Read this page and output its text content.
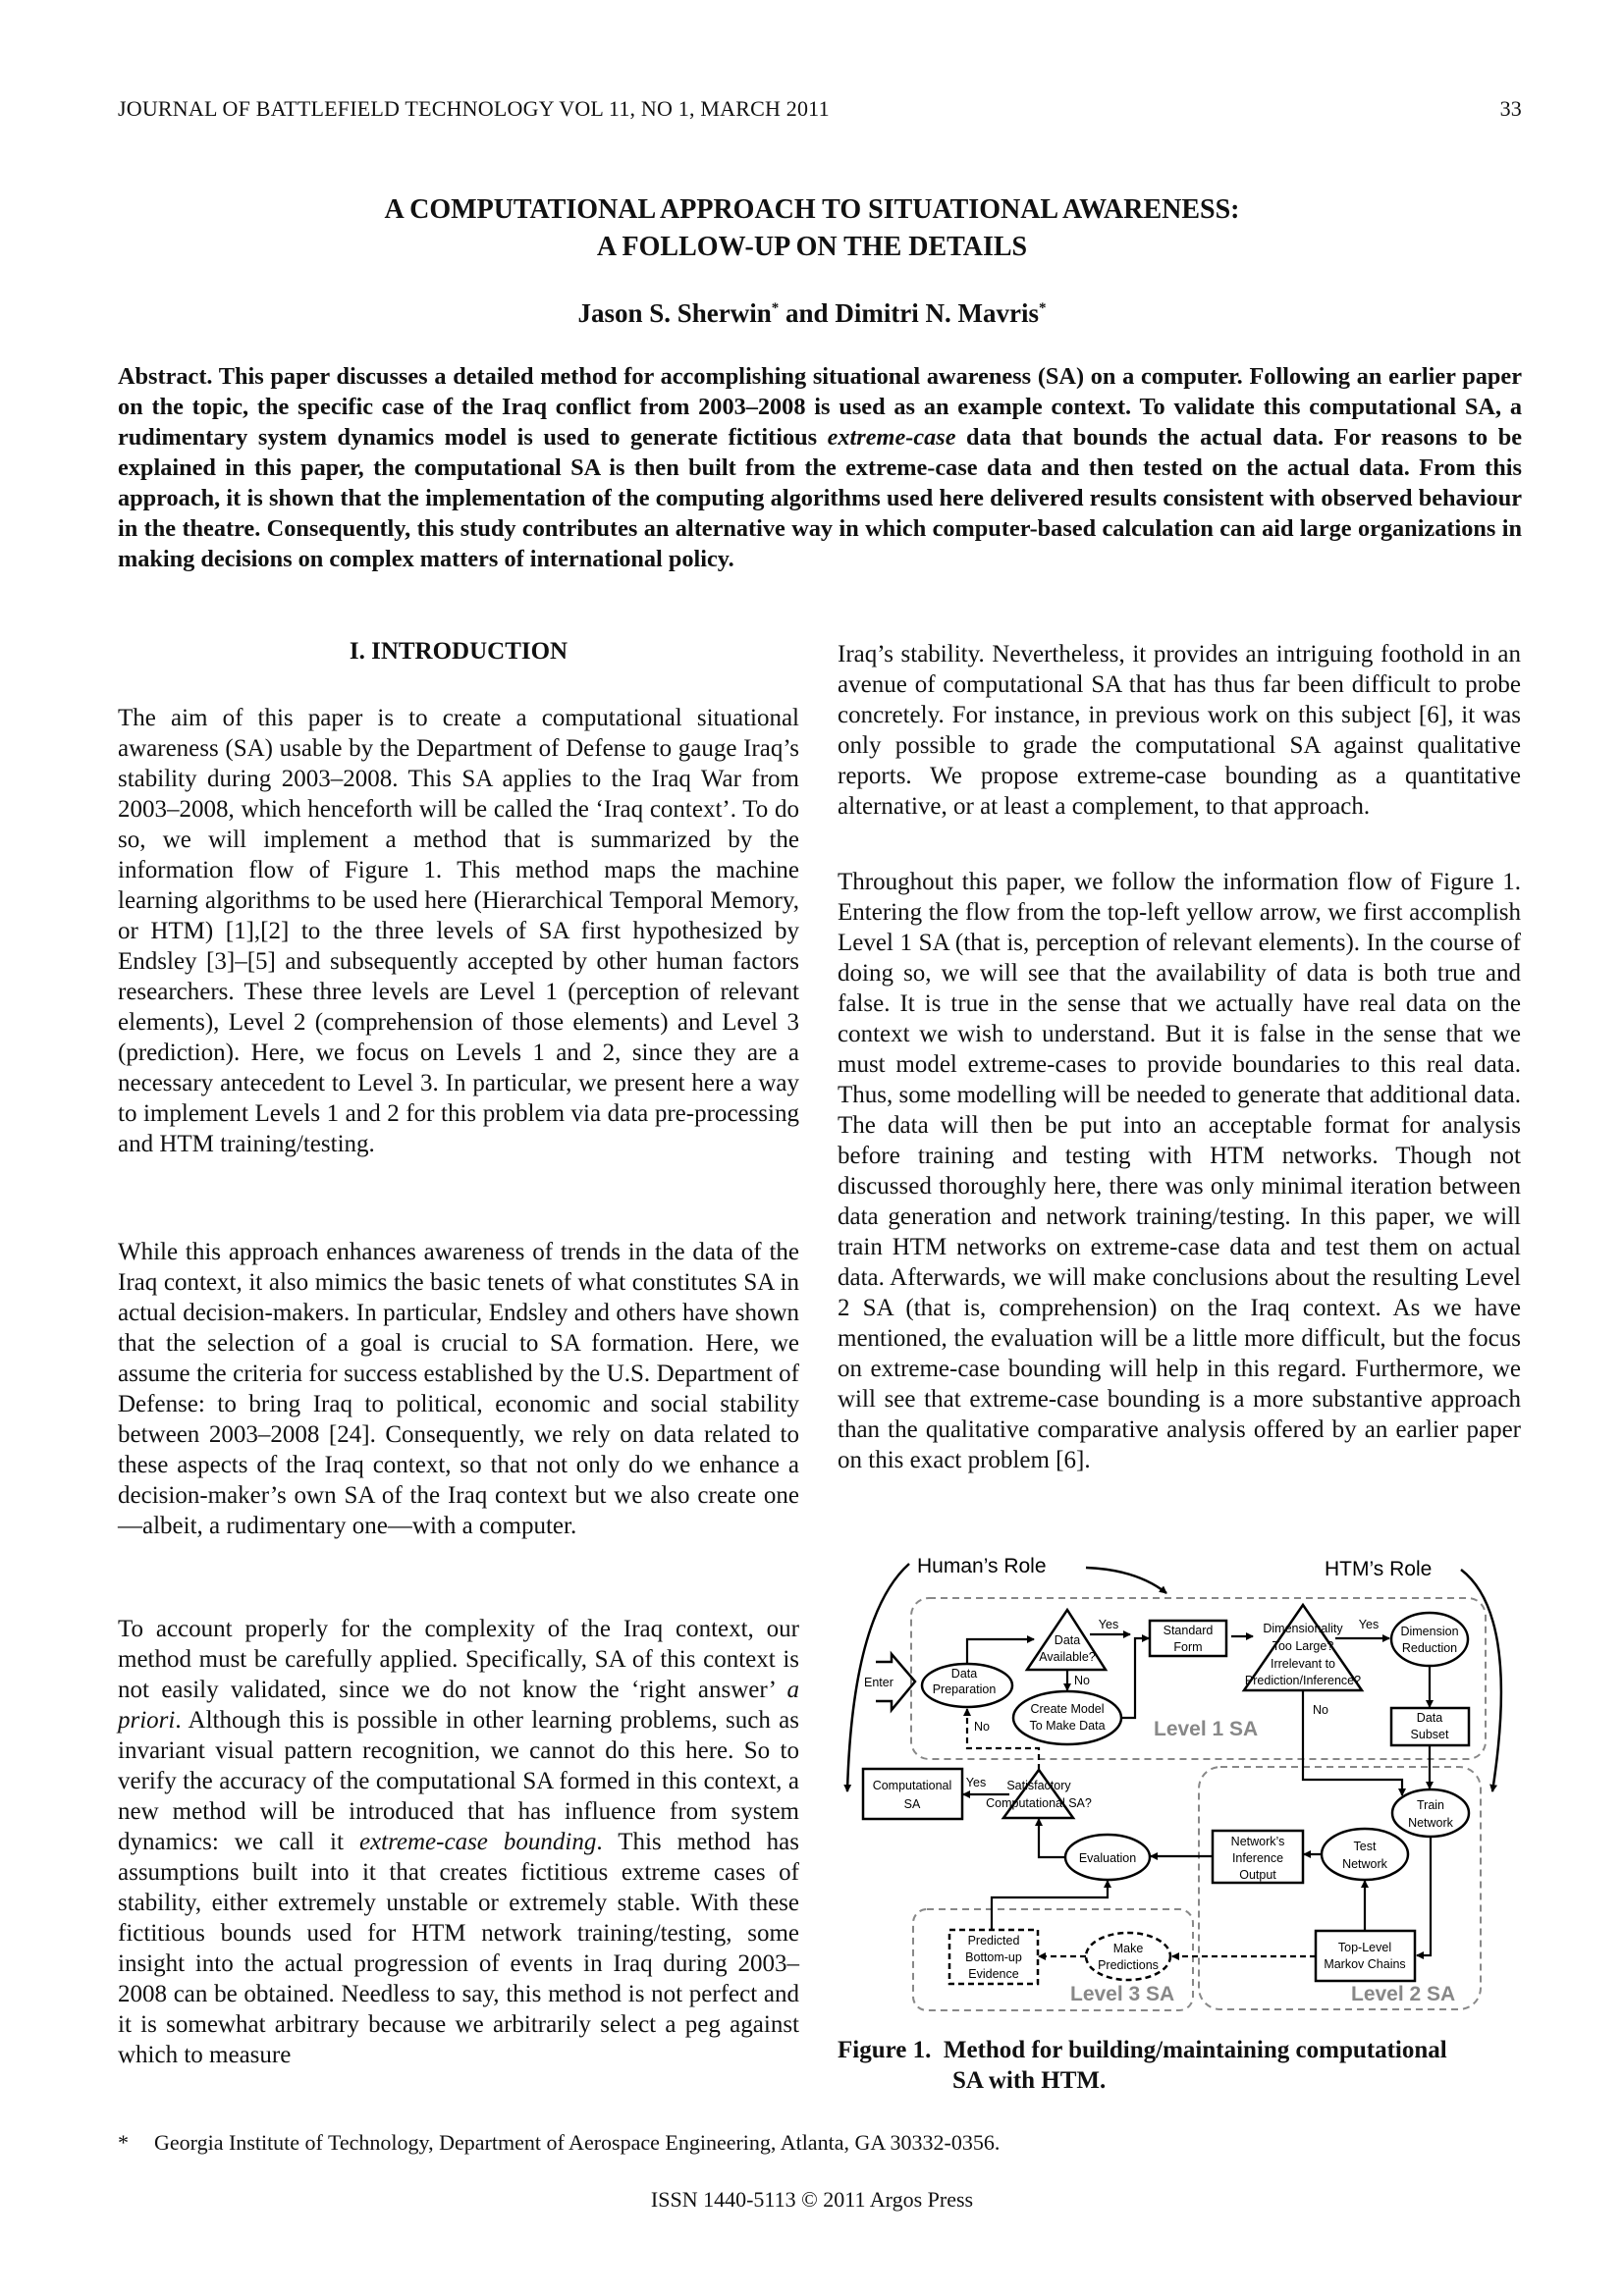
JOURNAL OF BATTLEFIELD TECHNOLOGY VOL 11, NO 1, MARCH 2011	33
A COMPUTATIONAL APPROACH TO SITUATIONAL AWARENESS:
A FOLLOW-UP ON THE DETAILS
Jason S. Sherwin* and Dimitri N. Mavris*
Abstract. This paper discusses a detailed method for accomplishing situational awareness (SA) on a computer. Following an earlier paper on the topic, the specific case of the Iraq conflict from 2003–2008 is used as an example context. To validate this computational SA, a rudimentary system dynamics model is used to generate fictitious extreme-case data that bounds the actual data. For reasons to be explained in this paper, the computational SA is then built from the extreme-case data and then tested on the actual data. From this approach, it is shown that the implementation of the computing algorithms used here delivered results consistent with observed behaviour in the theatre. Consequently, this study contributes an alternative way in which computer-based calculation can aid large organizations in making decisions on complex matters of international policy.
I. INTRODUCTION

The aim of this paper is to create a computational situational awareness (SA) usable by the Department of Defense to gauge Iraq’s stability during 2003–2008. This SA applies to the Iraq War from 2003–2008, which henceforth will be called the ‘Iraq context’. To do so, we will implement a method that is summarized by the information flow of Figure 1. This method maps the machine learning algorithms to be used here (Hierarchical Temporal Memory, or HTM) [1],[2] to the three levels of SA first hypothesized by Endsley [3]–[5] and subsequently accepted by other human factors researchers. These three levels are Level 1 (perception of relevant elements), Level 2 (comprehension of those elements) and Level 3 (prediction). Here, we focus on Levels 1 and 2, since they are a necessary antecedent to Level 3. In particular, we present here a way to implement Levels 1 and 2 for this problem via data pre-processing and HTM training/testing.

While this approach enhances awareness of trends in the data of the Iraq context, it also mimics the basic tenets of what constitutes SA in actual decision-makers. In particular, Endsley and others have shown that the selection of a goal is crucial to SA formation. Here, we assume the criteria for success established by the U.S. Department of Defense: to bring Iraq to political, economic and social stability between 2003–2008 [24]. Consequently, we rely on data related to these aspects of the Iraq context, so that not only do we enhance a decision-maker’s own SA of the Iraq context but we also create one—albeit, a rudimentary one—with a computer.

To account properly for the complexity of the Iraq context, our method must be carefully applied. Specifically, SA of this context is not easily validated, since we do not know the ‘right answer’ a priori. Although this is possible in other learning problems, such as invariant visual pattern recognition, we cannot do this here. So to verify the accuracy of the computational SA formed in this context, a new method will be introduced that has influence from system dynamics: we call it extreme-case bounding. This method has assumptions built into it that creates fictitious extreme cases of stability, either extremely unstable or extremely stable. With these fictitious bounds used for HTM network training/testing, some insight into the actual progression of events in Iraq during 2003–2008 can be obtained. Needless to say, this method is not perfect and it is somewhat arbitrary because we arbitrarily select a peg against which to measure

Iraq’s stability. Nevertheless, it provides an intriguing foothold in an avenue of computational SA that has thus far been difficult to probe concretely. For instance, in previous work on this subject [6], it was only possible to grade the computational SA against qualitative reports. We propose extreme-case bounding as a quantitative alternative, or at least a complement, to that approach.

Throughout this paper, we follow the information flow of Figure 1. Entering the flow from the top-left yellow arrow, we first accomplish Level 1 SA (that is, perception of relevant elements). In the course of doing so, we will see that the availability of data is both true and false. It is true in the sense that we actually have real data on the context we wish to understand. But it is false in the sense that we must model extreme-cases to provide boundaries to this real data. Thus, some modelling will be needed to generate that additional data. The data will then be put into an acceptable format for analysis before training and testing with HTM networks. Though not discussed thoroughly here, there was only minimal iteration between data generation and network training/testing. In this paper, we will train HTM networks on extreme-case data and test them on actual data. Afterwards, we will make conclusions about the resulting Level 2 SA (that is, comprehension) on the Iraq context. As we have mentioned, the evaluation will be a little more difficult, but the focus on extreme-case bounding will help in this regard. Furthermore, we will see that extreme-case bounding is a more substantive approach than the qualitative comparative analysis offered by an earlier paper on this exact problem [6].

Level 1 SA
Level 2 SA
Level 3 SA
Human’s Role	HTM’s Role
Enter
Data
Preparation
Data
Available?
Create Model
To Make Data
Standard
Form
Dimensionality
Too Large?
Irrelevant to
Prediction/Inference?
Dimension
Reduction
Data
Subset
Train
Network
Test
Network
Network’s
Inference
Output
Evaluation
Satisfactory
Computational SA?
Computational
SA
Top-Level
Markov Chains
Make
Predictions
Predicted
Bottom-up
Evidence
Yes	Yes
Yes
No
No
No
Figure 1. Method for building/maintaining computational
SA with HTM.
* Georgia Institute of Technology, Department of Aerospace Engineering, Atlanta, GA 30332-0356.
ISSN 1440-5113 © 2011 Argos Press
